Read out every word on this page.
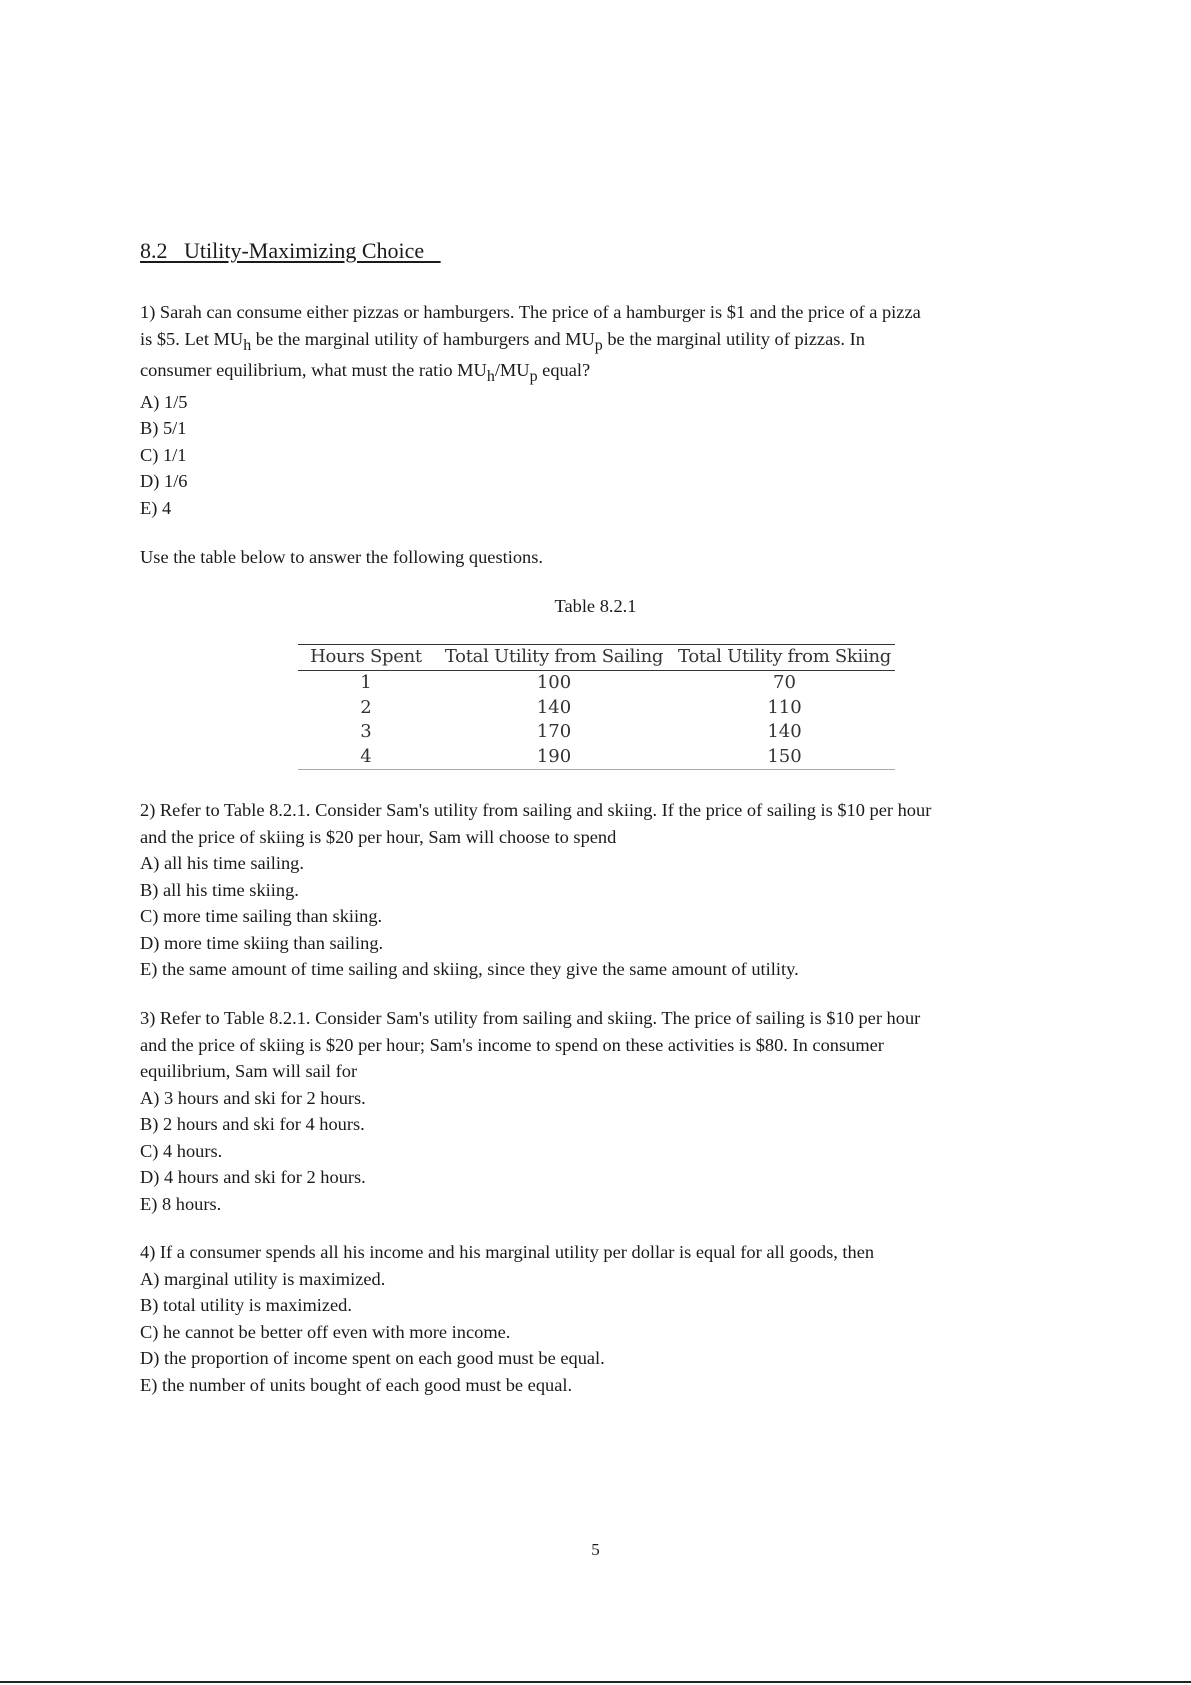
8.2   Utility-Maximizing Choice

1) Sarah can consume either pizzas or hamburgers. The price of a hamburger is $1 and the price of a pizza

is $5. Let MUh be the marginal utility of hamburgers and MUp be the marginal utility of pizzas. In

consumer equilibrium, what must the ratio MUh/MUp equal?

A) 1/5
B) 5/1
C) 1/1
D) 1/6
E) 4

Use the table below to answer the following questions.

Table 8.2.1
Hours Spent	Total Utility from Sailing	Total Utility from Skiing
1	100	70
2	140	110
3	170	140
4	190	150

2) Refer to Table 8.2.1. Consider Sam's utility from sailing and skiing. If the price of sailing is $10 per hour

and the price of skiing is $20 per hour, Sam will choose to spend

A) all his time sailing.
B) all his time skiing.
C) more time sailing than skiing.
D) more time skiing than sailing.
E) the same amount of time sailing and skiing, since they give the same amount of utility.

3) Refer to Table 8.2.1. Consider Sam's utility from sailing and skiing. The price of sailing is $10 per hour

and the price of skiing is $20 per hour; Sam's income to spend on these activities is $80. In consumer

equilibrium, Sam will sail for

A) 3 hours and ski for 2 hours.
B) 2 hours and ski for 4 hours.
C) 4 hours.
D) 4 hours and ski for 2 hours.
E) 8 hours.

4) If a consumer spends all his income and his marginal utility per dollar is equal for all goods, then

A) marginal utility is maximized.
B) total utility is maximized.
C) he cannot be better off even with more income.
D) the proportion of income spent on each good must be equal.
E) the number of units bought of each good must be equal.
5
